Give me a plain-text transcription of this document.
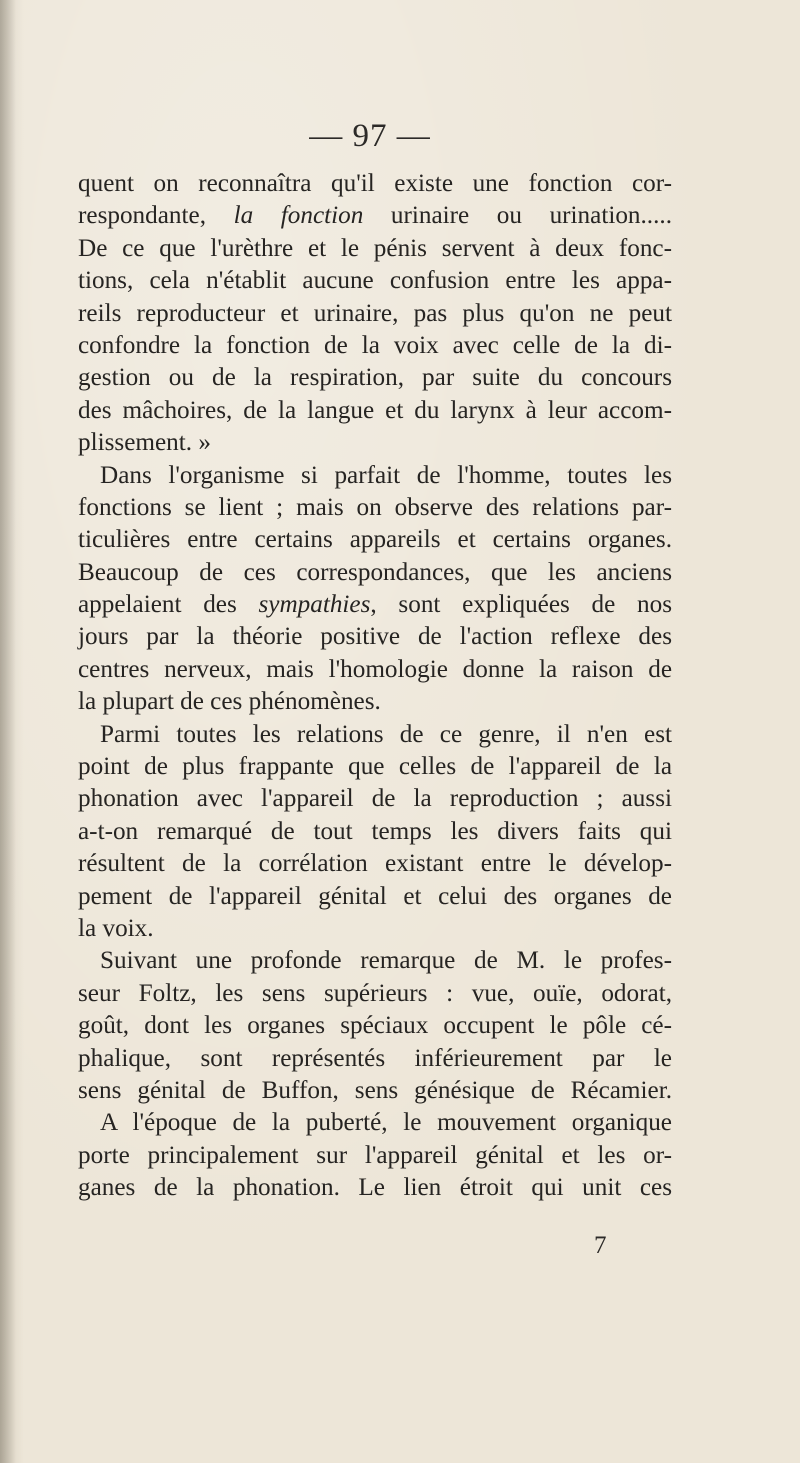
— 97 —
quent on reconnaîtra qu'il existe une fonction cor-
respondante, la fonction urinaire ou urination.....
De ce que l'urèthre et le pénis servent à deux fonc-
tions, cela n'établit aucune confusion entre les appa-
reils reproducteur et urinaire, pas plus qu'on ne peut
confondre la fonction de la voix avec celle de la di-
gestion ou de la respiration, par suite du concours
des mâchoires, de la langue et du larynx à leur accom-
plissement. »
Dans l'organisme si parfait de l'homme, toutes les
fonctions se lient ; mais on observe des relations par-
ticulières entre certains appareils et certains organes.
Beaucoup de ces correspondances, que les anciens
appelaient des sympathies, sont expliquées de nos
jours par la théorie positive de l'action reflexe des
centres nerveux, mais l'homologie donne la raison de
la plupart de ces phénomènes.
Parmi toutes les relations de ce genre, il n'en est
point de plus frappante que celles de l'appareil de la
phonation avec l'appareil de la reproduction ; aussi
a-t-on remarqué de tout temps les divers faits qui
résultent de la corrélation existant entre le dévelop-
pement de l'appareil génital et celui des organes de
la voix.
Suivant une profonde remarque de M. le profes-
seur Foltz, les sens supérieurs : vue, ouïe, odorat,
goût, dont les organes spéciaux occupent le pôle cé-
phalique, sont représentés inférieurement par le
sens génital de Buffon, sens génésique de Récamier.
A l'époque de la puberté, le mouvement organique
porte principalement sur l'appareil génital et les or-
ganes de la phonation. Le lien étroit qui unit ces
7
